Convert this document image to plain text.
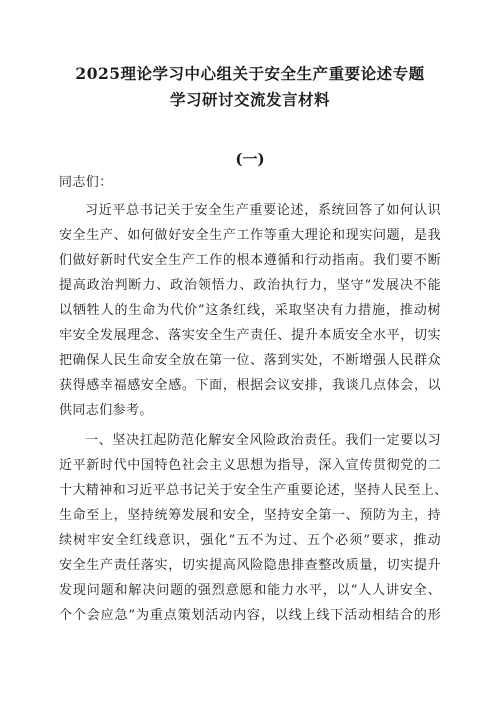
2025理论学习中心组关于安全生产重要论述专题
学习研讨交流发言材料
(一)
同志们：
习近平总书记关于安全生产重要论述，系统回答了如何认识
安全生产、如何做好安全生产工作等重大理论和现实问题，是我
们做好新时代安全生产工作的根本遵循和行动指南。我们要不断
提高政治判断力、政治领悟力、政治执行力，坚守“发展决不能
以牺牲人的生命为代价”这条红线，采取坚决有力措施，推动树
牢安全发展理念、落实安全生产责任、提升本质安全水平，切实
把确保人民生命安全放在第一位、落到实处，不断增强人民群众
获得感幸福感安全感。下面，根据会议安排，我谈几点体会，以
供同志们参考。
一、坚决扛起防范化解安全风险政治责任。我们一定要以习
近平新时代中国特色社会主义思想为指导，深入宣传贯彻党的二
十大精神和习近平总书记关于安全生产重要论述，坚持人民至上、
生命至上，坚持统筹发展和安全，坚持安全第一、预防为主，持
续树牢安全红线意识，强化“五不为过、五个必须”要求，推动
安全生产责任落实，切实提高风险隐患排查整改质量，切实提升
发现问题和解决问题的强烈意愿和能力水平，以“人人讲安全、
个个会应急”为重点策划活动内容，以线上线下活动相结合的形
